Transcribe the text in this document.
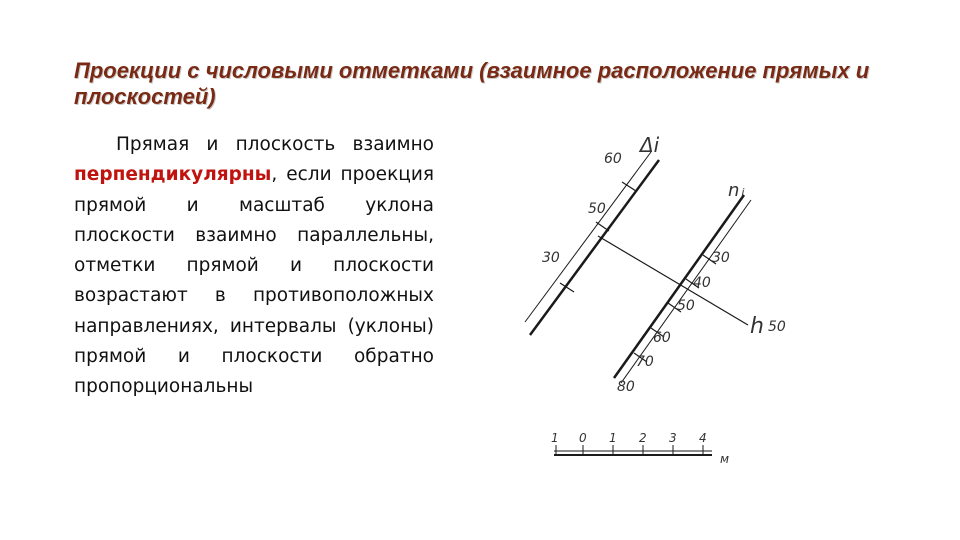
Проекции с числовыми отметками (взаимное расположение прямых и плоскостей)
Прямая и плоскость взаимно перпендикулярны, если проекция прямой и масштаб уклона плоскости взаимно параллельны, отметки прямой и плоскости возрастают в противоположных направлениях, интервалы (уклоны) прямой и плоскости обратно пропорциональны
Δi
60
50
30
ni
30
40
50
60
70
80
h 50
1 0 1 2 3 4
м
